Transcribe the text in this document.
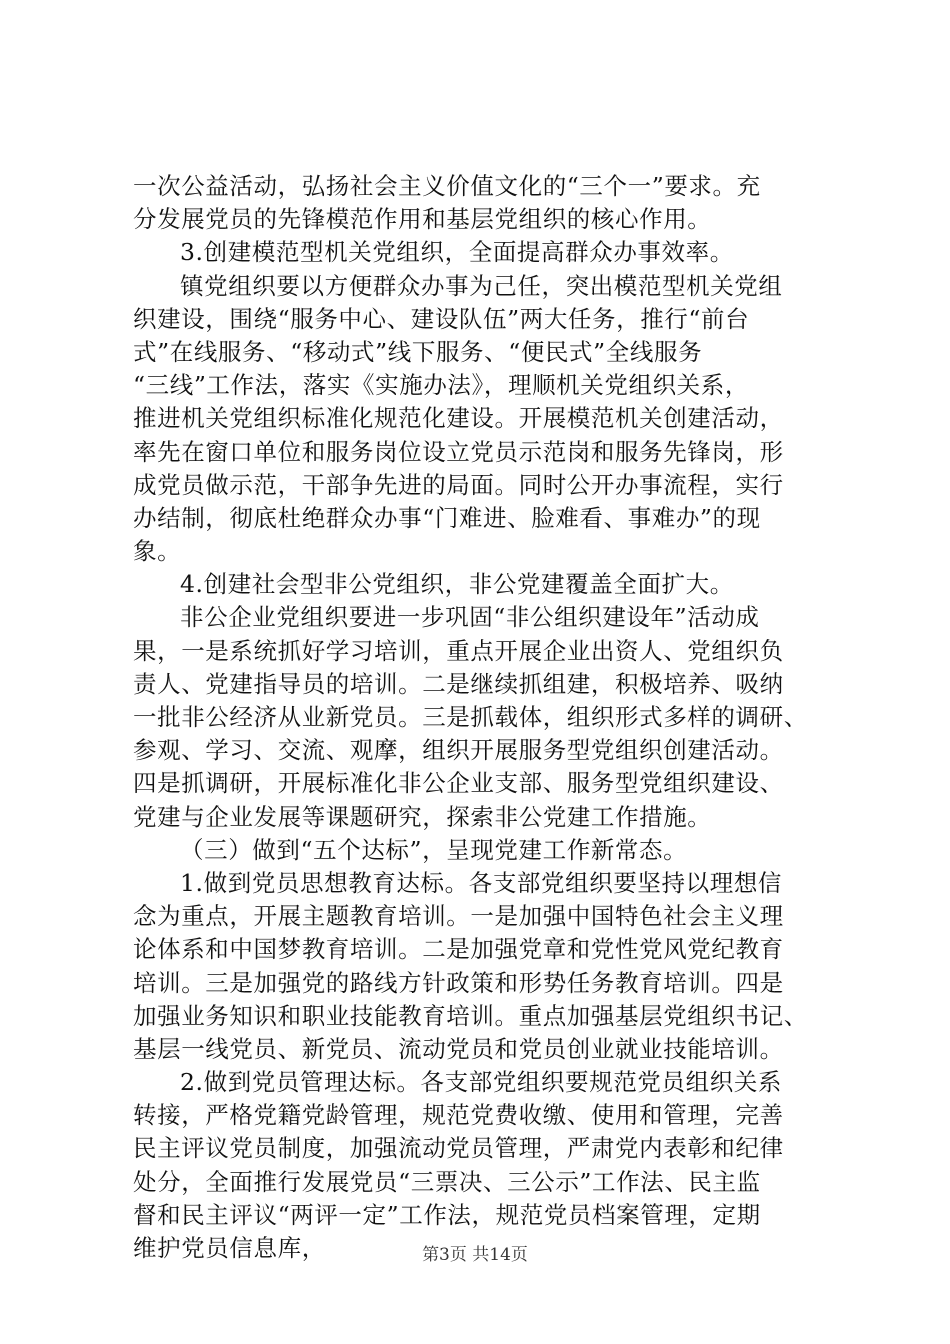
一次公益活动，弘扬社会主义价值文化的“三个一”要求。充
分发展党员的先锋模范作用和基层党组织的核心作用。
3.创建模范型机关党组织，全面提高群众办事效率。
镇党组织要以方便群众办事为己任，突出模范型机关党组
织建设，围绕“服务中心、建设队伍”两大任务，推行“前台
式”在线服务、“移动式”线下服务、“便民式”全线服务
“三线”工作法，落实《实施办法》，理顺机关党组织关系，
推进机关党组织标准化规范化建设。开展模范机关创建活动，
率先在窗口单位和服务岗位设立党员示范岗和服务先锋岗，形
成党员做示范，干部争先进的局面。同时公开办事流程，实行
办结制，彻底杜绝群众办事“门难进、脸难看、事难办”的现
象。
4.创建社会型非公党组织，非公党建覆盖全面扩大。
非公企业党组织要进一步巩固“非公组织建设年”活动成
果，一是系统抓好学习培训，重点开展企业出资人、党组织负
责人、党建指导员的培训。二是继续抓组建，积极培养、吸纳
一批非公经济从业新党员。三是抓载体，组织形式多样的调研、
参观、学习、交流、观摩，组织开展服务型党组织创建活动。
四是抓调研，开展标准化非公企业支部、服务型党组织建设、
党建与企业发展等课题研究，探索非公党建工作措施。
（三）做到“五个达标”，呈现党建工作新常态。
1.做到党员思想教育达标。各支部党组织要坚持以理想信
念为重点，开展主题教育培训。一是加强中国特色社会主义理
论体系和中国梦教育培训。二是加强党章和党性党风党纪教育
培训。三是加强党的路线方针政策和形势任务教育培训。四是
加强业务知识和职业技能教育培训。重点加强基层党组织书记、
基层一线党员、新党员、流动党员和党员创业就业技能培训。
2.做到党员管理达标。各支部党组织要规范党员组织关系
转接，严格党籍党龄管理，规范党费收缴、使用和管理，完善
民主评议党员制度，加强流动党员管理，严肃党内表彰和纪律
处分，全面推行发展党员“三票决、三公示”工作法、民主监
督和民主评议“两评一定”工作法，规范党员档案管理，定期
维护党员信息库，	第3页 共14页
